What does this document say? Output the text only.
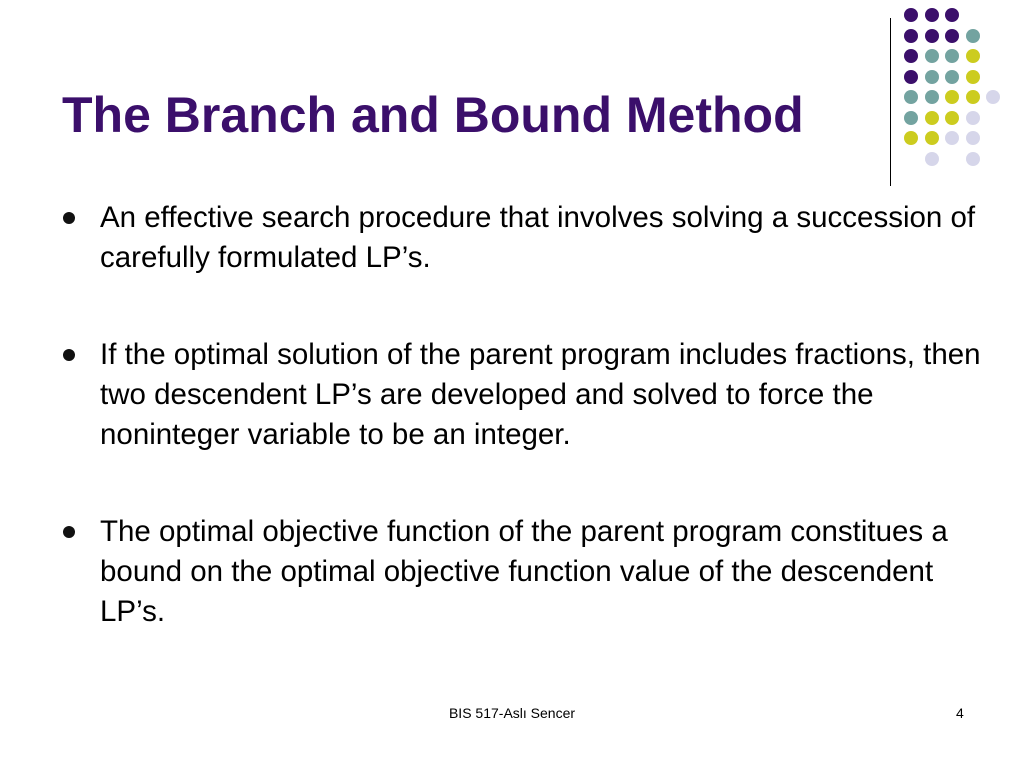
The Branch and Bound Method
An effective search procedure that involves solving a succession of carefully formulated LP’s.
If the optimal solution of the parent program includes fractions, then two descendent LP’s are developed and solved to force the noninteger variable to be an integer.
The optimal objective function of the parent program constitues a bound on the optimal objective function value of the descendent LP’s.
BIS 517-Aslı Sencer	4
